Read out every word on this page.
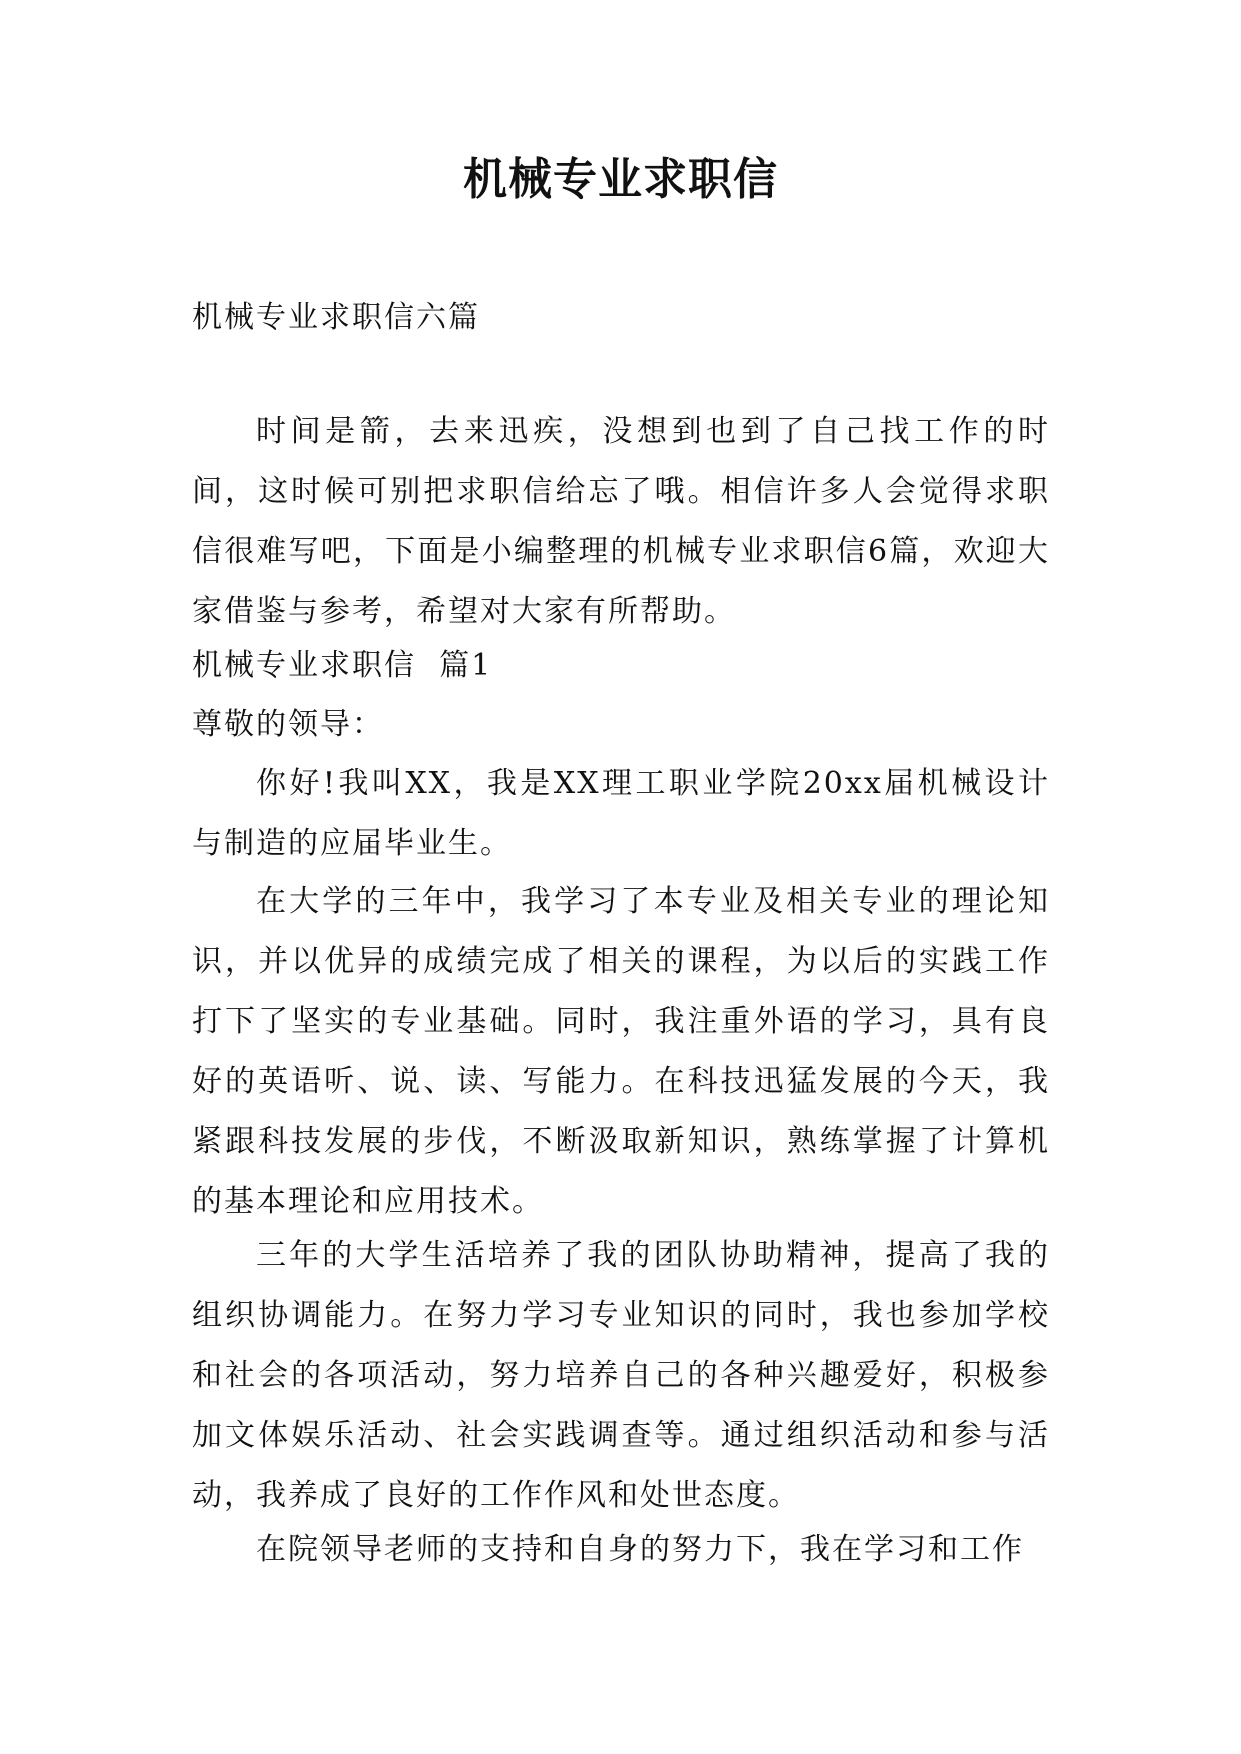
机械专业求职信

机械专业求职信六篇

时间是箭，去来迅疾，没想到也到了自己找工作的时间，这时候可别把求职信给忘了哦。相信许多人会觉得求职信很难写吧，下面是小编整理的机械专业求职信6篇，欢迎大家借鉴与参考，希望对大家有所帮助。

机械专业求职信  篇1

尊敬的领导：

你好!我叫XX，我是XX理工职业学院20xx届机械设计与制造的应届毕业生。

在大学的三年中，我学习了本专业及相关专业的理论知识，并以优异的成绩完成了相关的课程，为以后的实践工作打下了坚实的专业基础。同时，我注重外语的学习，具有良好的英语听、说、读、写能力。在科技迅猛发展的今天，我紧跟科技发展的步伐，不断汲取新知识，熟练掌握了计算机的基本理论和应用技术。

三年的大学生活培养了我的团队协助精神，提高了我的组织协调能力。在努力学习专业知识的同时，我也参加学校和社会的各项活动，努力培养自己的各种兴趣爱好，积极参加文体娱乐活动、社会实践调查等。通过组织活动和参与活动，我养成了良好的工作作风和处世态度。

在院领导老师的支持和自身的努力下，我在学习和工作
